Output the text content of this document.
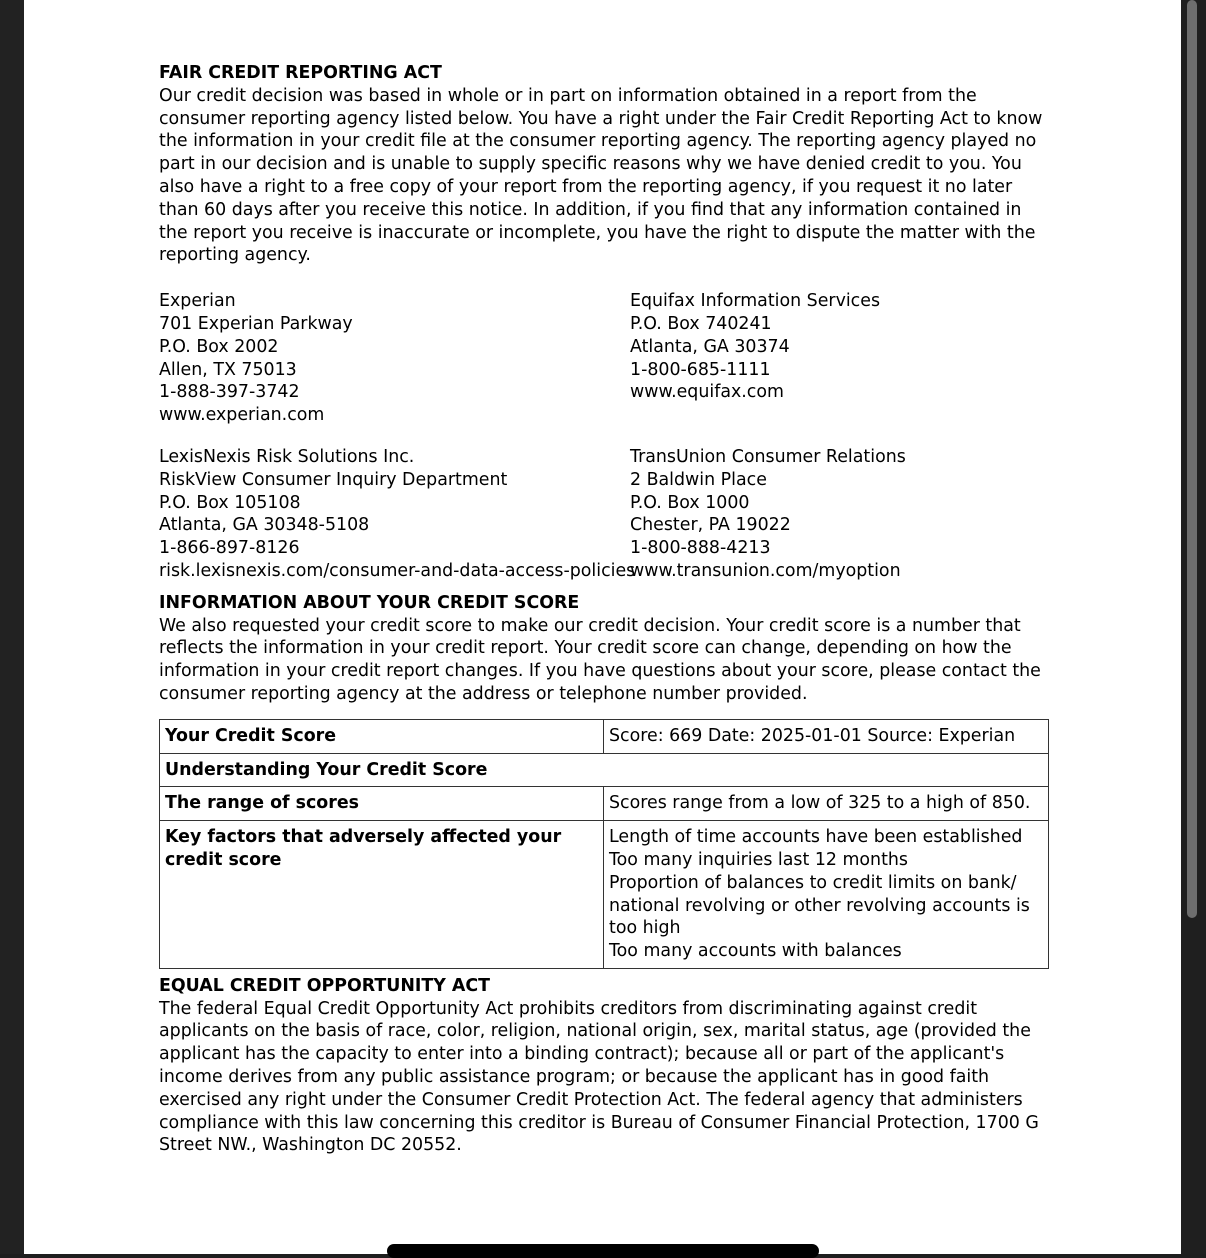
FAIR CREDIT REPORTING ACT

Our credit decision was based in whole or in part on information obtained in a report from the consumer reporting agency listed below. You have a right under the Fair Credit Reporting Act to know the information in your credit file at the consumer reporting agency. The reporting agency played no part in our decision and is unable to supply specific reasons why we have denied credit to you. You also have a right to a free copy of your report from the reporting agency, if you request it no later than 60 days after you receive this notice. In addition, if you find that any information contained in the report you receive is inaccurate or incomplete, you have the right to dispute the matter with the reporting agency.

Experian
701 Experian Parkway
P.O. Box 2002
Allen, TX 75013
1-888-397-3742
www.experian.com
Equifax Information Services
P.O. Box 740241
Atlanta, GA 30374
1-800-685-1111
www.equifax.com
LexisNexis Risk Solutions Inc.
RiskView Consumer Inquiry Department
P.O. Box 105108
Atlanta, GA 30348-5108
1-866-897-8126
risk.lexisnexis.com/consumer-and-data-access-policies
TransUnion Consumer Relations
2 Baldwin Place
P.O. Box 1000
Chester, PA 19022
1-800-888-4213
www.transunion.com/myoption

INFORMATION ABOUT YOUR CREDIT SCORE

We also requested your credit score to make our credit decision. Your credit score is a number that reflects the information in your credit report. Your credit score can change, depending on how the information in your credit report changes. If you have questions about your score, please contact the consumer reporting agency at the address or telephone number provided.

Your Credit Score	Score: 669 Date: 2025-01-01 Source: Experian
Understanding Your Credit Score	
The range of scores	Scores range from a low of 325 to a high of 850.
Key factors that adversely affected your credit score	Length of time accounts have been established
Too many inquiries last 12 months
Proportion of balances to credit limits on bank/ national revolving or other revolving accounts is too high
Too many accounts with balances

EQUAL CREDIT OPPORTUNITY ACT

The federal Equal Credit Opportunity Act prohibits creditors from discriminating against credit applicants on the basis of race, color, religion, national origin, sex, marital status, age (provided the applicant has the capacity to enter into a binding contract); because all or part of the applicant's income derives from any public assistance program; or because the applicant has in good faith exercised any right under the Consumer Credit Protection Act. The federal agency that administers compliance with this law concerning this creditor is Bureau of Consumer Financial Protection, 1700 G Street NW., Washington DC 20552.
